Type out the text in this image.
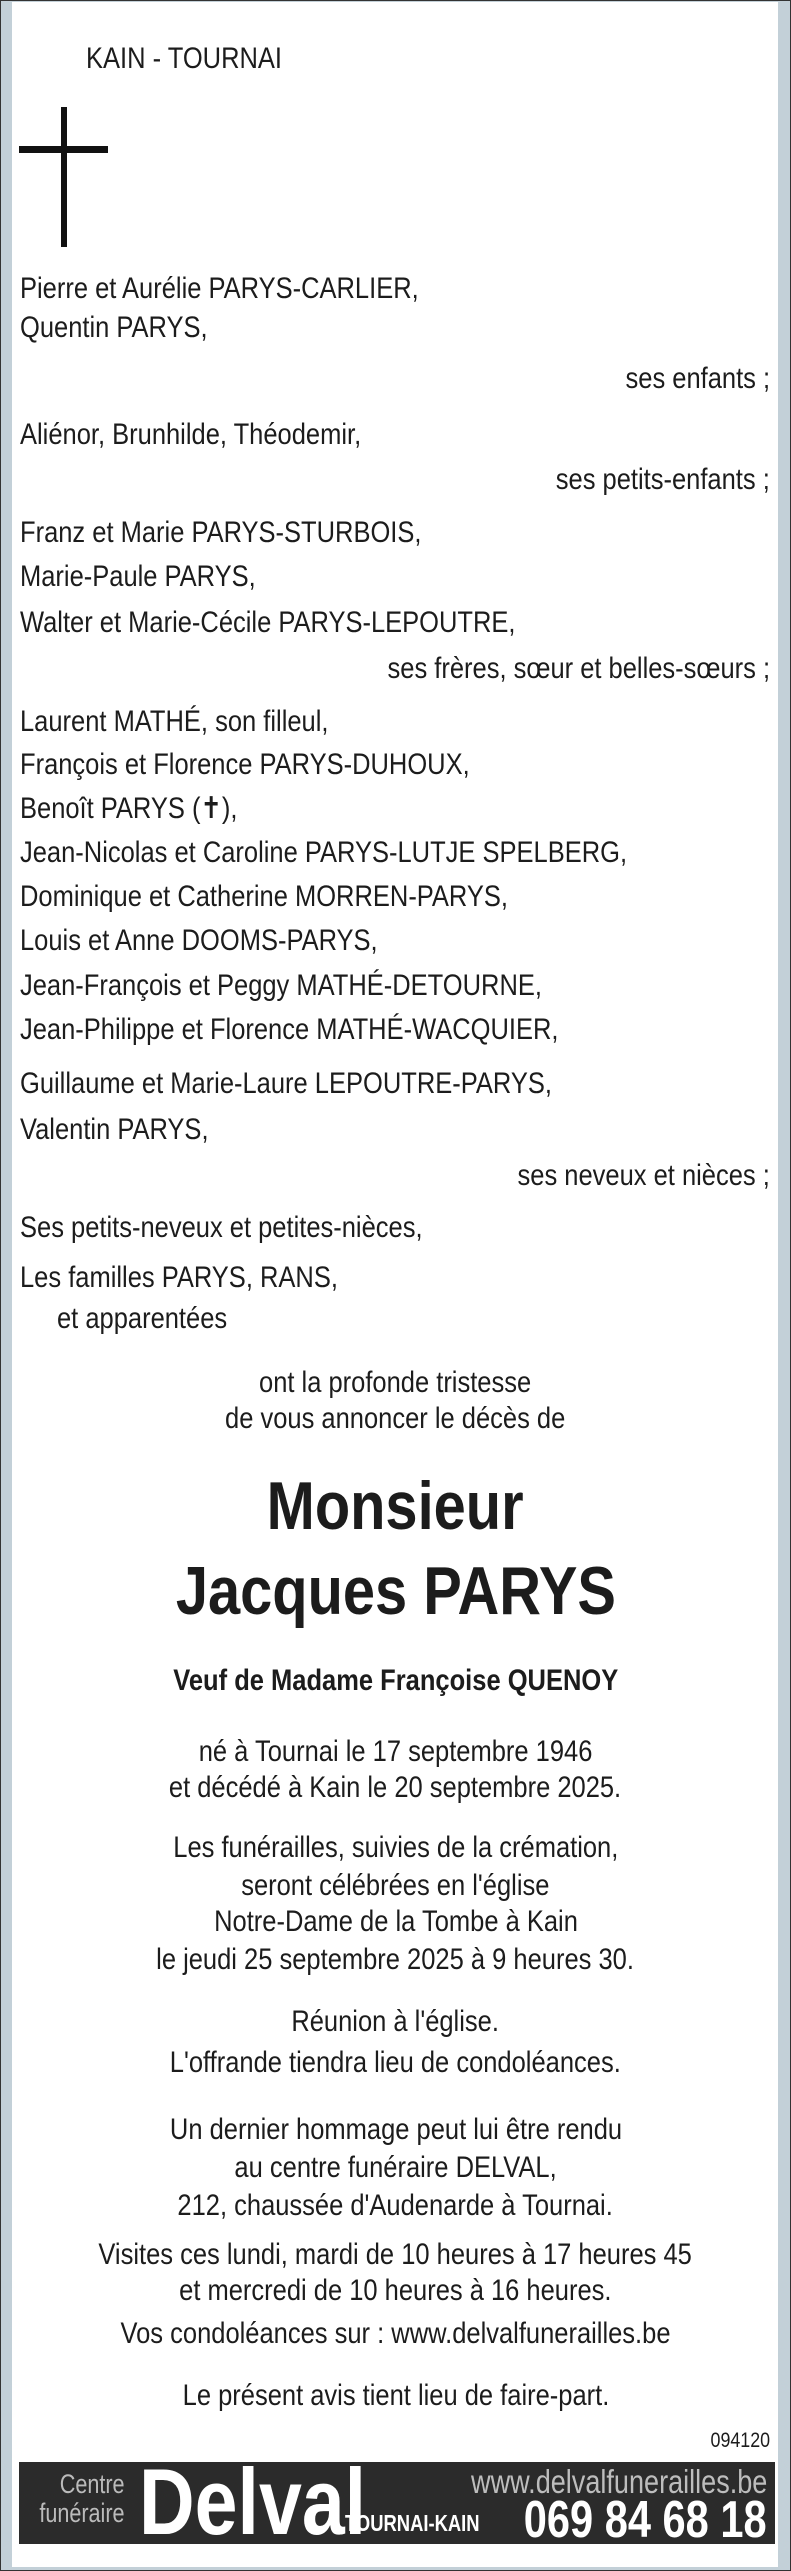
KAIN - TOURNAI
Pierre et Aurélie PARYS-CARLIER,
Quentin PARYS,
ses enfants ;
Aliénor, Brunhilde, Théodemir,
ses petits-enfants ;
Franz et Marie PARYS-STURBOIS,
Marie-Paule PARYS,
Walter et Marie-Cécile PARYS-LEPOUTRE,
ses frères, sœur et belles-sœurs ;
Laurent MATHÉ, son filleul,
François et Florence PARYS-DUHOUX,
Benoît PARYS (✝),
Jean-Nicolas et Caroline PARYS-LUTJE SPELBERG,
Dominique et Catherine MORREN-PARYS,
Louis et Anne DOOMS-PARYS,
Jean-François et Peggy MATHÉ-DETOURNE,
Jean-Philippe et Florence MATHÉ-WACQUIER,
Guillaume et Marie-Laure LEPOUTRE-PARYS,
Valentin PARYS,
ses neveux et nièces ;
Ses petits-neveux et petites-nièces,
Les familles PARYS, RANS,
et apparentées
ont la profonde tristesse
de vous annoncer le décès de
Monsieur
Jacques PARYS
Veuf de Madame Françoise QUENOY
né à Tournai le 17 septembre 1946
et décédé à Kain le 20 septembre 2025.
Les funérailles, suivies de la crémation,
seront célébrées en l'église
Notre-Dame de la Tombe à Kain
le jeudi 25 septembre 2025 à 9 heures 30.
Réunion à l'église.
L'offrande tiendra lieu de condoléances.
Un dernier hommage peut lui être rendu
au centre funéraire DELVAL,
212, chaussée d'Audenarde à Tournai.
Visites ces lundi, mardi de 10 heures à 17 heures 45
et mercredi de 10 heures à 16 heures.
Vos condoléances sur : www.delvalfunerailles.be
Le présent avis tient lieu de faire-part.
094120
Centre
funéraire Delval	www.delvalfunerailles.be
TOURNAI-KAIN 069 84 68 18
